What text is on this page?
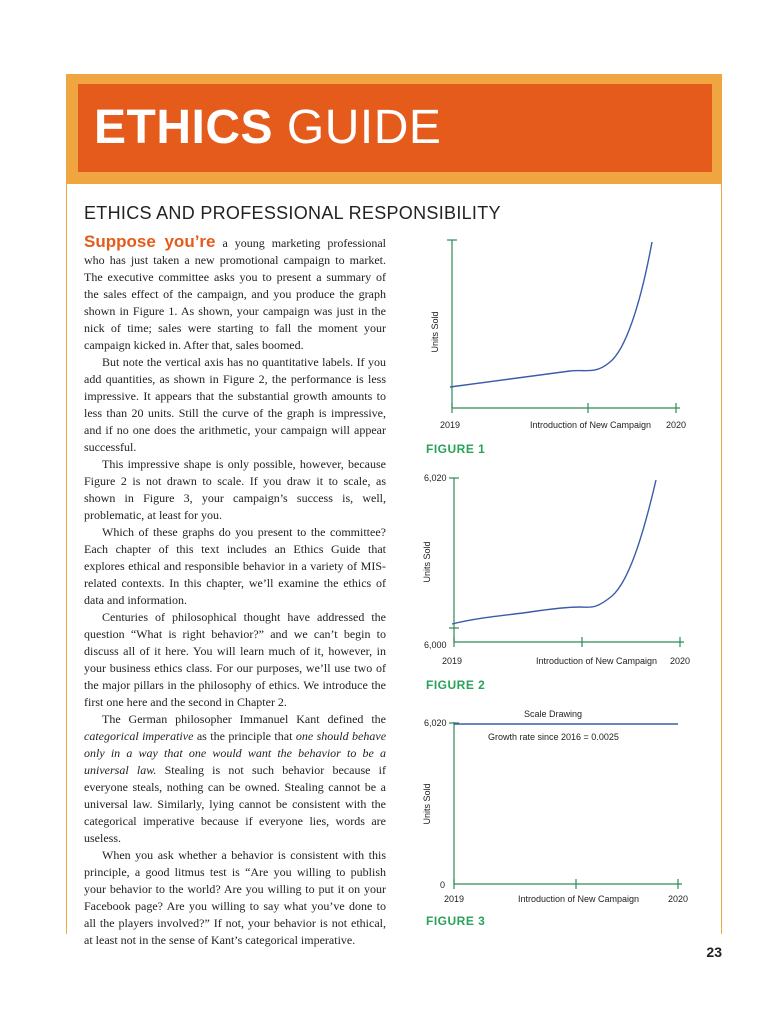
ETHICS GUIDE
ETHICS AND PROFESSIONAL RESPONSIBILITY

Suppose you’re a young marketing professional who has just taken a new promotional campaign to market. The executive committee asks you to present a summary of the sales effect of the campaign, and you produce the graph shown in Figure 1. As shown, your campaign was just in the nick of time; sales were starting to fall the moment your campaign kicked in. After that, sales boomed.

But note the vertical axis has no quantitative labels. If you add quantities, as shown in Figure 2, the performance is less impressive. It appears that the substantial growth amounts to less than 20 units. Still the curve of the graph is impressive, and if no one does the arithmetic, your campaign will appear successful.

This impressive shape is only possible, however, because Figure 2 is not drawn to scale. If you draw it to scale, as shown in Figure 3, your campaign’s success is, well, problematic, at least for you.

Which of these graphs do you present to the committee? Each chapter of this text includes an Ethics Guide that explores ethical and responsible behavior in a variety of MIS-related contexts. In this chapter, we’ll examine the ethics of data and information.

Centuries of philosophical thought have addressed the question “What is right behavior?” and we can’t begin to discuss all of it here. You will learn much of it, however, in your business ethics class. For our purposes, we’ll use two of the major pillars in the philosophy of ethics. We introduce the first one here and the second in Chapter 2.

The German philosopher Immanuel Kant defined the categorical imperative as the principle that one should behave only in a way that one would want the behavior to be a universal law. Stealing is not such behavior because if everyone steals, nothing can be owned. Stealing cannot be a universal law. Similarly, lying cannot be consistent with the categorical imperative because if everyone lies, words are useless.

When you ask whether a behavior is consistent with this principle, a good litmus test is “Are you willing to publish your behavior to the world? Are you willing to put it on your Facebook page? Are you willing to say what you’ve done to all the players involved?” If not, your behavior is not ethical, at least not in the sense of Kant’s categorical imperative.

Units Sold
2019	Introduction of New Campaign 2020
FIGURE 1
Units Sold
6,020
6,000
2019	Introduction of New Campaign 2020
FIGURE 2
Scale Drawing
Growth rate since 2016 = 0.0025
Units Sold
6,020
0
2019	Introduction of New Campaign	2020
FIGURE 3
23
